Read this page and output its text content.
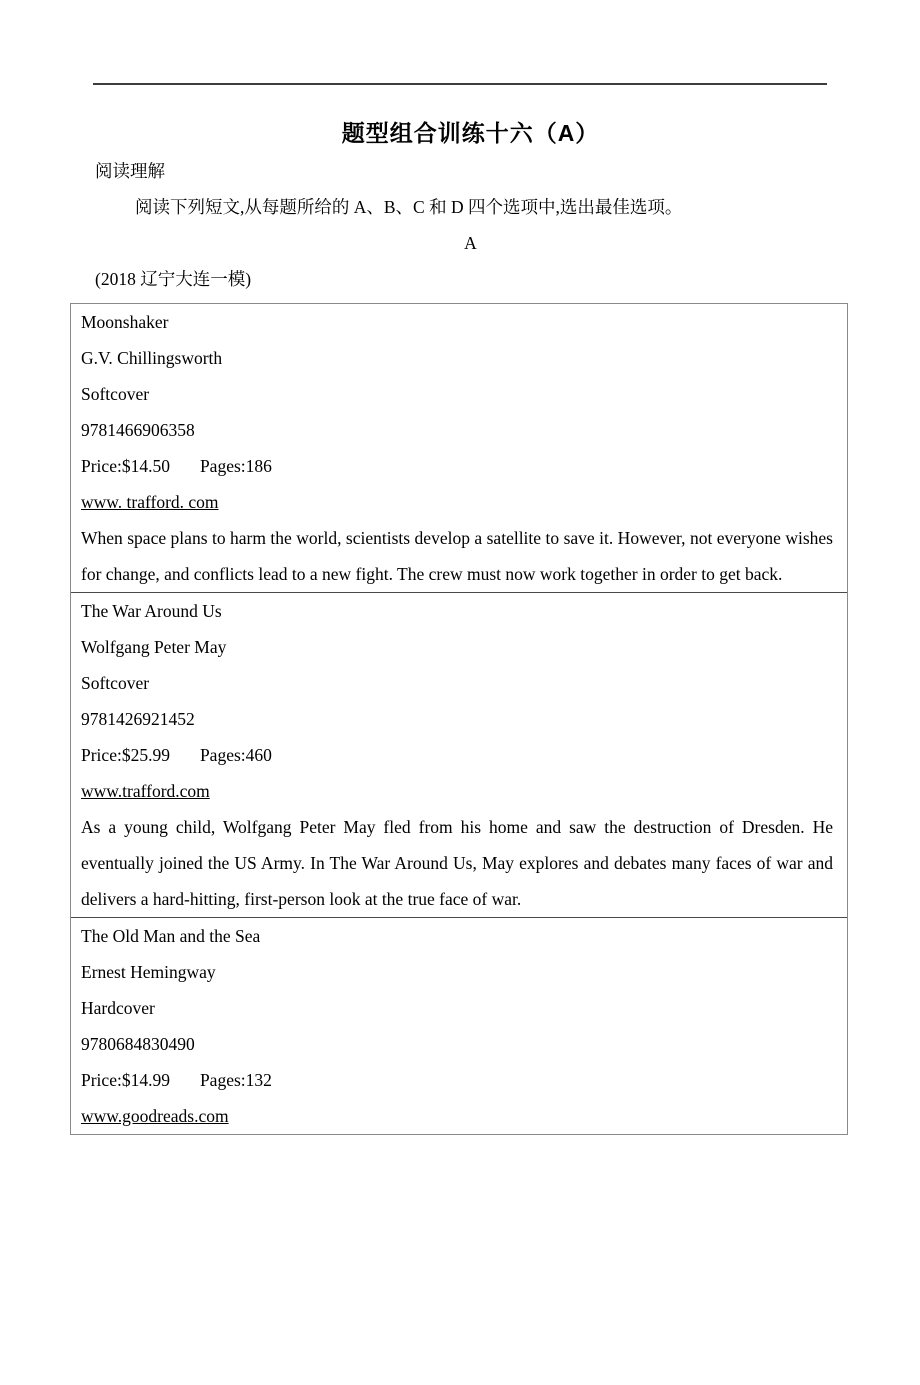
题型组合训练十六（A）
阅读理解
阅读下列短文,从每题所给的 A、B、C 和 D 四个选项中,选出最佳选项。
A
(2018 辽宁大连一模)
Moonshaker
G.V. Chillingsworth
Softcover
9781466906358
Price:$14.50 Pages:186
www. trafford. com
When space plans to harm the world, scientists develop a satellite to save it. However, not everyone wishes for change, and conflicts lead to a new fight. The crew must now work together in order to get back.
The War Around Us
Wolfgang Peter May
Softcover
9781426921452
Price:$25.99 Pages:460
www.trafford.com
As a young child, Wolfgang Peter May fled from his home and saw the destruction of Dresden. He eventually joined the US Army. In The War Around Us, May explores and debates many faces of war and delivers a hard-hitting, first-person look at the true face of war.
The Old Man and the Sea
Ernest Hemingway
Hardcover
9780684830490
Price:$14.99 Pages:132
www.goodreads.com
